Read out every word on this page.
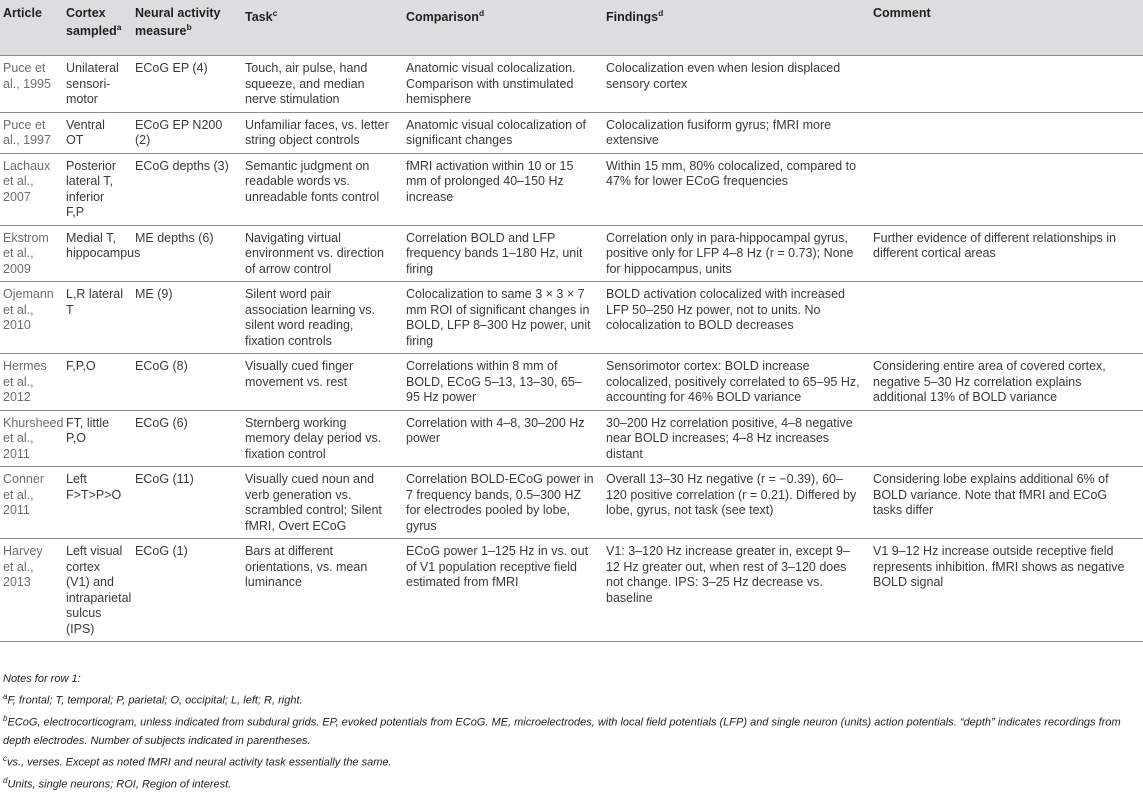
Article	Cortex sampled$^a$	Neural activity measure$^b$	Task$^c$	Comparison$^d$	Findings$^d$	Comment
Puce et al., 1995	Unilateral sensori-motor	ECoG EP (4)	Touch, air pulse, hand squeeze, and median nerve stimulation	Anatomic visual colocalization. Comparison with unstimulated hemisphere	Colocalization even when lesion displaced sensory cortex	
Puce et al., 1997	Ventral OT	ECoG EP N200 (2)	Unfamiliar faces, vs. letter string object controls	Anatomic visual colocalization of significant changes	Colocalization fusiform gyrus; fMRI more extensive	
Lachaux et al., 2007	Posterior lateral T, inferior F,P	ECoG depths (3)	Semantic judgment on readable words vs. unreadable fonts control	fMRI activation within 10 or 15 mm of prolonged 40–150 Hz increase	Within 15 mm, 80% colocalized, compared to 47% for lower ECoG frequencies	
Ekstrom et al., 2009	Medial T, hippocampus	ME depths (6)	Navigating virtual environment vs. direction of arrow control	Correlation BOLD and LFP frequency bands 1–180 Hz, unit firing	Correlation only in para-hippocampal gyrus, positive only for LFP 4–8 Hz (r = 0.73); None for hippocampus, units	Further evidence of different relationships in different cortical areas
Ojemann et al., 2010	L,R lateral T	ME (9)	Silent word pair association learning vs. silent word reading, fixation controls	Colocalization to same 3 × 3 × 7 mm ROI of significant changes in BOLD, LFP 8–300 Hz power, unit firing	BOLD activation colocalized with increased LFP 50–250 Hz power, not to units. No colocalization to BOLD decreases	
Hermes et al., 2012	F,P,O	ECoG (8)	Visually cued finger movement vs. rest	Correlations within 8 mm of BOLD, ECoG 5–13, 13–30, 65–95 Hz power	Sensorimotor cortex: BOLD increase colocalized, positively correlated to 65–95 Hz, accounting for 46% BOLD variance	Considering entire area of covered cortex, negative 5–30 Hz correlation explains additional 13% of BOLD variance
Khursheed et al., 2011	FT, little P,O	ECoG (6)	Sternberg working memory delay period vs. fixation control	Correlation with 4–8, 30–200 Hz power	30–200 Hz correlation positive, 4–8 negative near BOLD increases; 4–8 Hz increases distant	
Conner et al., 2011	Left F>T>P>O	ECoG (11)	Visually cued noun and verb generation vs. scrambled control; Silent fMRI, Overt ECoG	Correlation BOLD-ECoG power in 7 frequency bands, 0.5–300 HZ for electrodes pooled by lobe, gyrus	Overall 13–30 Hz negative (r = −0.39), 60–120 positive correlation (r = 0.21). Differed by lobe, gyrus, not task (see text)	Considering lobe explains additional 6% of BOLD variance. Note that fMRI and ECoG tasks differ
Harvey et al., 2013	Left visual cortex (V1) and intraparietal sulcus (IPS)	ECoG (1)	Bars at different orientations, vs. mean luminance	ECoG power 1–125 Hz in vs. out of V1 population receptive field estimated from fMRI	V1: 3–120 Hz increase greater in, except 9–12 Hz greater out, when rest of 3–120 does not change. IPS: 3–25 Hz decrease vs. baseline	V1 9–12 Hz increase outside receptive field represents inhibition. fMRI shows as negative BOLD signal
Notes for row 1:
$^a$F, frontal; T, temporal; P, parietal; O, occipital; L, left; R, right.
$^b$ECoG, electrocorticogram, unless indicated from subdural grids. EP, evoked potentials from ECoG. ME, microelectrodes, with local field potentials (LFP) and single neuron (units) action potentials. “depth” indicates recordings from depth electrodes. Number of subjects indicated in parentheses.
$^c$vs., verses. Except as noted fMRI and neural activity task essentially the same.
$^d$Units, single neurons; ROI, Region of interest.
